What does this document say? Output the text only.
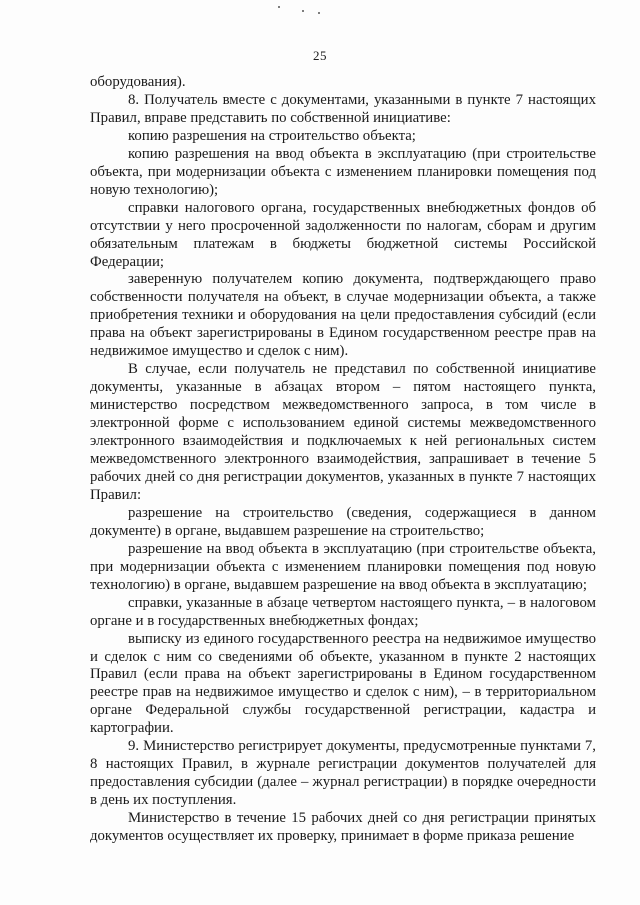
25

оборудования).

8. Получатель вместе с документами, указанными в пункте 7 настоящих Правил, вправе представить по собственной инициативе:

копию разрешения на строительство объекта;

копию разрешения на ввод объекта в эксплуатацию (при строительстве объекта, при модернизации объекта с изменением планировки помещения под новую технологию);

справки налогового органа, государственных внебюджетных фондов об отсутствии у него просроченной задолженности по налогам, сборам и другим обязательным платежам в бюджеты бюджетной системы Российской Федерации;

заверенную получателем копию документа, подтверждающего право собственности получателя на объект, в случае модернизации объекта, а также приобретения техники и оборудования на цели предоставления субсидий (если права на объект зарегистрированы в Едином государственном реестре прав на недвижимое имущество и сделок с ним).

В случае, если получатель не представил по собственной инициативе документы, указанные в абзацах втором – пятом настоящего пункта, министерство посредством межведомственного запроса, в том числе в электронной форме с использованием единой системы межведомственного электронного взаимодействия и подключаемых к ней региональных систем межведомственного электронного взаимодействия, запрашивает в течение 5 рабочих дней со дня регистрации документов, указанных в пункте 7 настоящих Правил:

разрешение на строительство (сведения, содержащиеся в данном документе) в органе, выдавшем разрешение на строительство;

разрешение на ввод объекта в эксплуатацию (при строительстве объекта, при модернизации объекта с изменением планировки помещения под новую технологию) в органе, выдавшем разрешение на ввод объекта в эксплуатацию;

справки, указанные в абзаце четвертом настоящего пункта, – в налоговом органе и в государственных внебюджетных фондах;

выписку из единого государственного реестра на недвижимое имущество и сделок с ним со сведениями об объекте, указанном в пункте 2 настоящих Правил (если права на объект зарегистрированы в Едином государственном реестре прав на недвижимое имущество и сделок с ним), – в территориальном органе Федеральной службы государственной регистрации, кадастра и картографии.

9. Министерство регистрирует документы, предусмотренные пунктами 7, 8 настоящих Правил, в журнале регистрации документов получателей для предоставления субсидии (далее – журнал регистрации) в порядке очередности в день их поступления.

Министерство в течение 15 рабочих дней со дня регистрации принятых документов осуществляет их проверку, принимает в форме приказа решение
